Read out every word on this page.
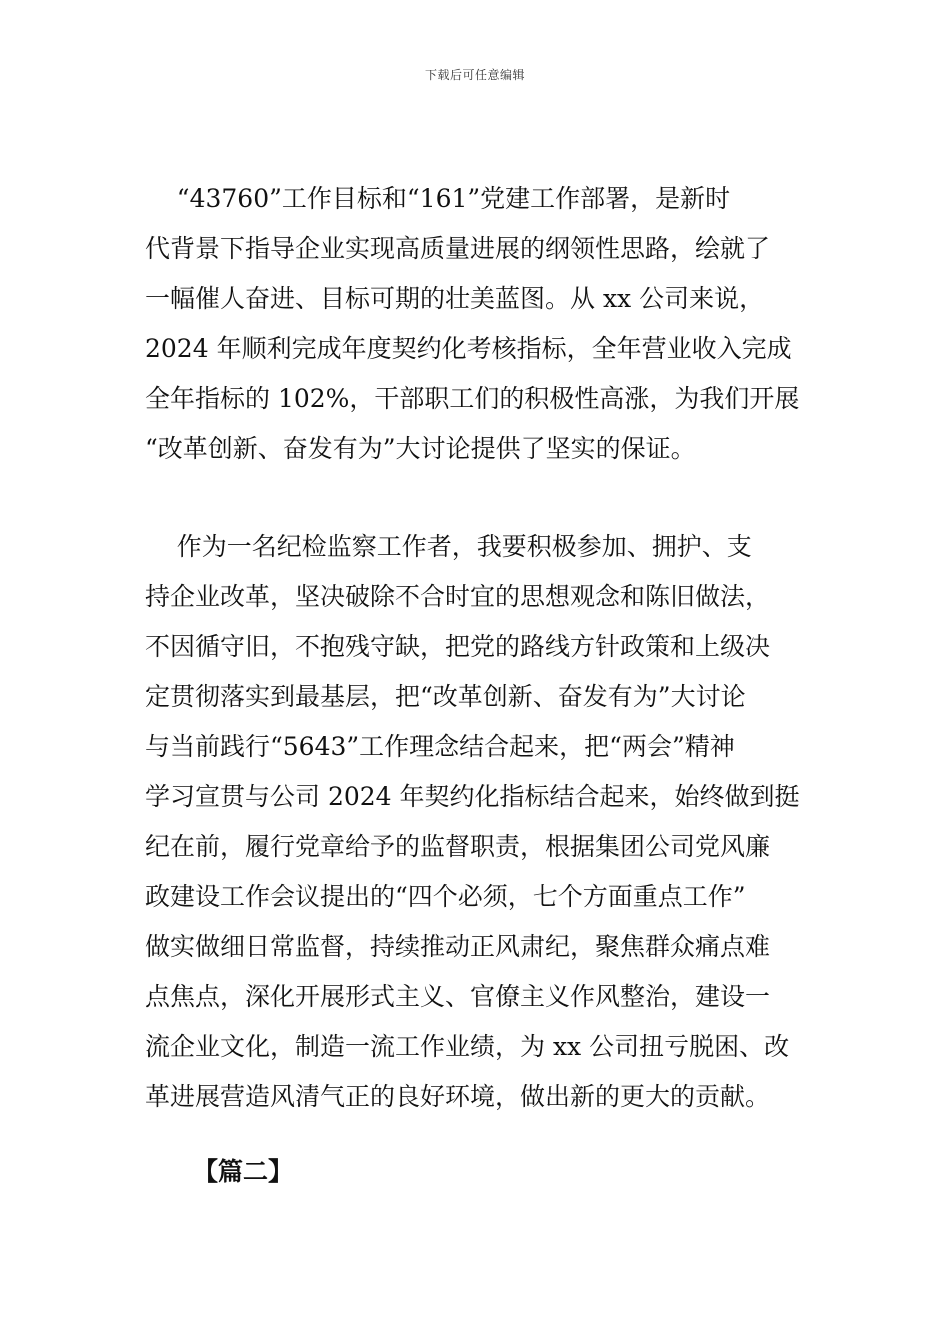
下载后可任意编辑

“43760”工作目标和“161”党建工作部署，是新时

代背景下指导企业实现高质量进展的纲领性思路，绘就了

一幅催人奋进、目标可期的壮美蓝图。从 xx 公司来说，

2024 年顺利完成年度契约化考核指标，全年营业收入完成

全年指标的 102%，干部职工们的积极性高涨，为我们开展

“改革创新、奋发有为”大讨论提供了坚实的保证。

作为一名纪检监察工作者，我要积极参加、拥护、支

持企业改革，坚决破除不合时宜的思想观念和陈旧做法，

不因循守旧，不抱残守缺，把党的路线方针政策和上级决

定贯彻落实到最基层，把“改革创新、奋发有为”大讨论

与当前践行“5643”工作理念结合起来，把“两会”精神

学习宣贯与公司 2024 年契约化指标结合起来，始终做到挺

纪在前，履行党章给予的监督职责，根据集团公司党风廉

政建设工作会议提出的“四个必须，七个方面重点工作”

做实做细日常监督，持续推动正风肃纪，聚焦群众痛点难

点焦点，深化开展形式主义、官僚主义作风整治，建设一

流企业文化，制造一流工作业绩，为 xx 公司扭亏脱困、改

革进展营造风清气正的良好环境，做出新的更大的贡献。

【篇二】
